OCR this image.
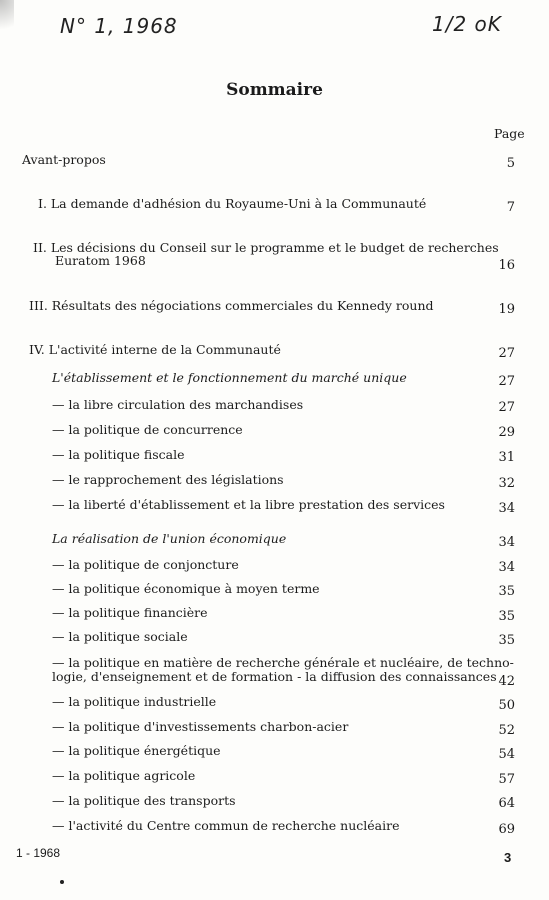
N° 1, 1968	1/2 oK
Sommaire
Page
Avant-propos	5
I. La demande d'adhésion du Royaume-Uni à la Communauté	7
II. Les décisions du Conseil sur le programme et le budget de recherches
Euratom 1968	16
III. Résultats des négociations commerciales du Kennedy round	19
IV. L'activité interne de la Communauté	27
L'établissement et le fonctionnement du marché unique	27
— la libre circulation des marchandises	27
— la politique de concurrence	29
— la politique fiscale	31
— le rapprochement des législations	32
— la liberté d'établissement et la libre prestation des services	34
La réalisation de l'union économique	34
— la politique de conjoncture	34
— la politique économique à moyen terme	35
— la politique financière	35
— la politique sociale	35
— la politique en matière de recherche générale et nucléaire, de techno-
logie, d'enseignement et de formation - la diffusion des connaissances 42
— la politique industrielle	50
— la politique d'investissements charbon-acier	52
— la politique énergétique	54
— la politique agricole	57
— la politique des transports	64
— l'activité du Centre commun de recherche nucléaire	69
1 - 1968	3
